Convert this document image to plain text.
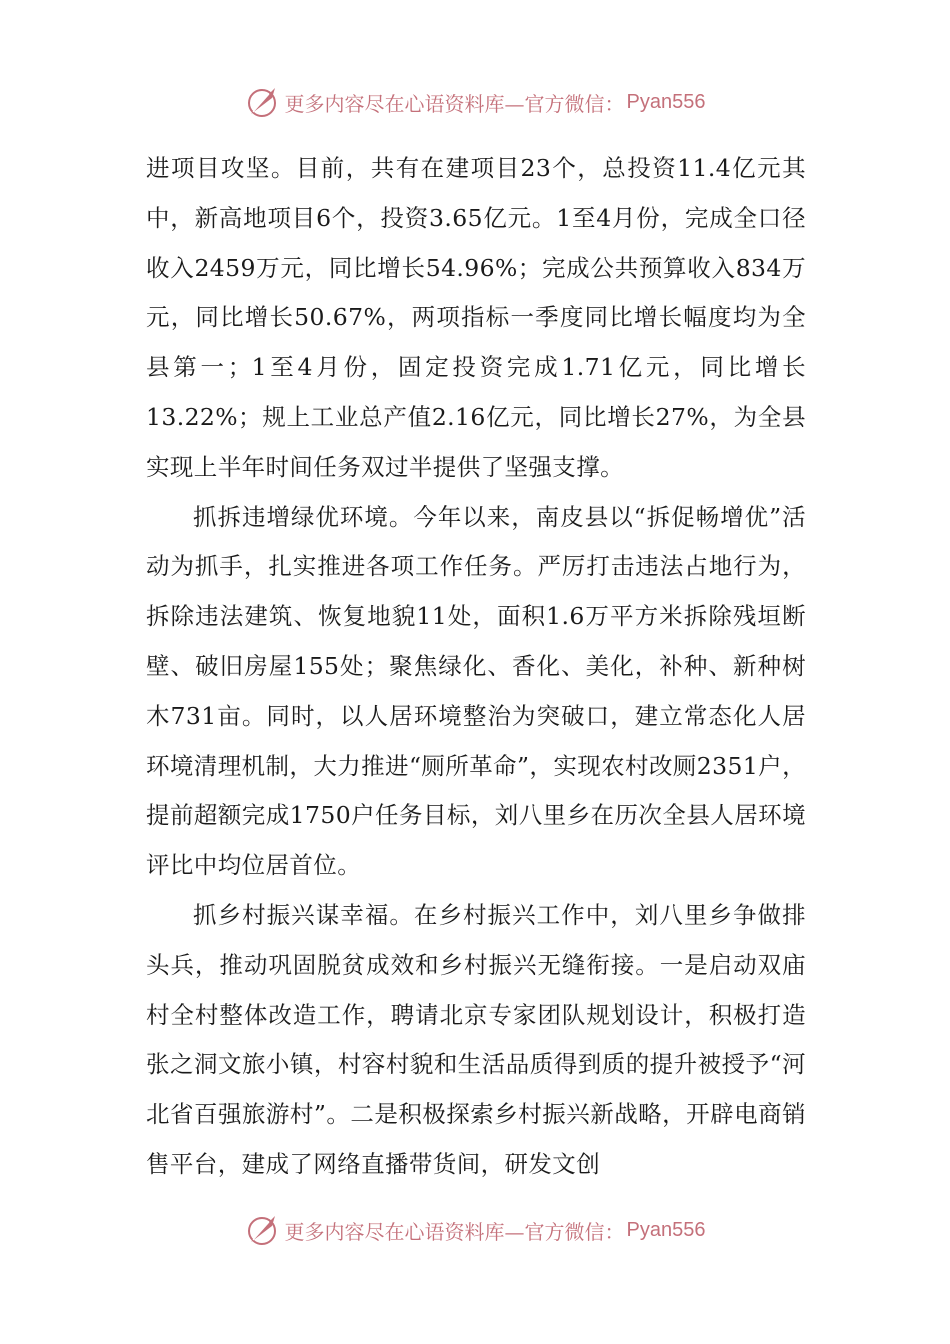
更多内容尽在心语资料库—官方微信： Pyan556

进项目攻坚。目前，共有在建项目23个，总投资11.4亿元其中，新高地项目6个，投资3.65亿元。1至4月份，完成全口径收入2459万元，同比增长54.96%；完成公共预算收入834万元，同比增长50.67%，两项指标一季度同比增长幅度均为全县第一；1至4月份，固定投资完成1.71亿元，同比增长13.22%；规上工业总产值2.16亿元，同比增长27%，为全县实现上半年时间任务双过半提供了坚强支撑。

抓拆违增绿优环境。今年以来，南皮县以“拆促畅增优”活动为抓手，扎实推进各项工作任务。严厉打击违法占地行为，拆除违法建筑、恢复地貌11处，面积1.6万平方米拆除残垣断壁、破旧房屋155处；聚焦绿化、香化、美化，补种、新种树木731亩。同时，以人居环境整治为突破口，建立常态化人居环境清理机制，大力推进“厕所革命”，实现农村改厕2351户，提前超额完成1750户任务目标，刘八里乡在历次全县人居环境评比中均位居首位。

抓乡村振兴谋幸福。在乡村振兴工作中，刘八里乡争做排头兵，推动巩固脱贫成效和乡村振兴无缝衔接。一是启动双庙村全村整体改造工作，聘请北京专家团队规划设计，积极打造张之洞文旅小镇，村容村貌和生活品质得到质的提升被授予“河北省百强旅游村”。二是积极探索乡村振兴新战略，开辟电商销售平台，建成了网络直播带货间，研发文创

更多内容尽在心语资料库—官方微信： Pyan556
